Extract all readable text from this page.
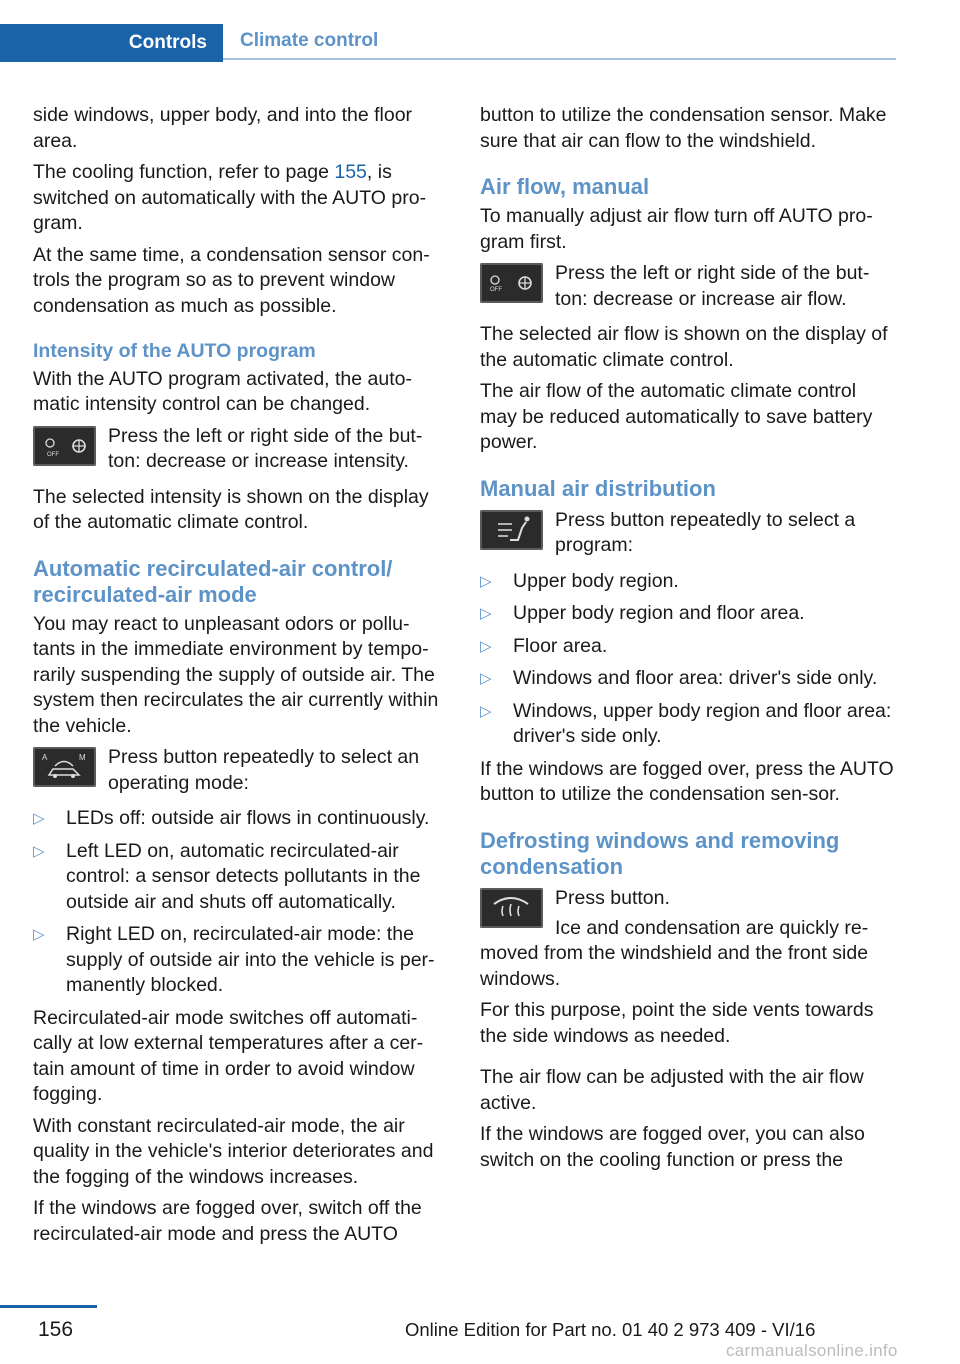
Controls	Climate control

side windows, upper body, and into the floor area.

The cooling function, refer to page 155, is switched on automatically with the AUTO pro-gram.

At the same time, a condensation sensor con-trols the program so as to prevent window condensation as much as possible.

Intensity of the AUTO program

With the AUTO program activated, the auto-matic intensity control can be changed.

OFF
Press the left or right side of the but-ton: decrease or increase intensity.

The selected intensity is shown on the display of the automatic climate control.

Automatic recirculated-air control/ recirculated-air mode

You may react to unpleasant odors or pollu-tants in the immediate environment by tempo-rarily suspending the supply of outside air. The system then recirculates the air currently within the vehicle.

A	M Press button repeatedly to select an operating mode:
▷ LEDs off: outside air flows in continuously.
▷ Left LED on, automatic recirculated-air control: a sensor detects pollutants in the outside air and shuts off automatically.
▷ Right LED on, recirculated-air mode: the supply of outside air into the vehicle is per-manently blocked.

Recirculated-air mode switches off automati-cally at low external temperatures after a cer-tain amount of time in order to avoid window fogging.

With constant recirculated-air mode, the air quality in the vehicle's interior deteriorates and the fogging of the windows increases.

If the windows are fogged over, switch off the recirculated-air mode and press the AUTO

button to utilize the condensation sensor. Make sure that air can flow to the windshield.

Air flow, manual

To manually adjust air flow turn off AUTO pro-gram first.

OFF
Press the left or right side of the but-ton: decrease or increase air flow.

The selected air flow is shown on the display of the automatic climate control.

The air flow of the automatic climate control may be reduced automatically to save battery power.

Manual air distribution
Press button repeatedly to select a program:
▷ Upper body region.
▷ Upper body region and floor area.
▷ Floor area.
▷ Windows and floor area: driver's side only.
▷ Windows, upper body region and floor area: driver's side only.

If the windows are fogged over, press the AUTO button to utilize the condensation sen-sor.

Defrosting windows and removing condensation
Press button.

Ice and condensation are quickly re-moved from the windshield and the front side windows.

For this purpose, point the side vents towards the side windows as needed.

The air flow can be adjusted with the air flow active.

If the windows are fogged over, you can also switch on the cooling function or press the

156	Online Edition for Part no. 01 40 2 973 409 - VI/16
carmanualsonline.info
